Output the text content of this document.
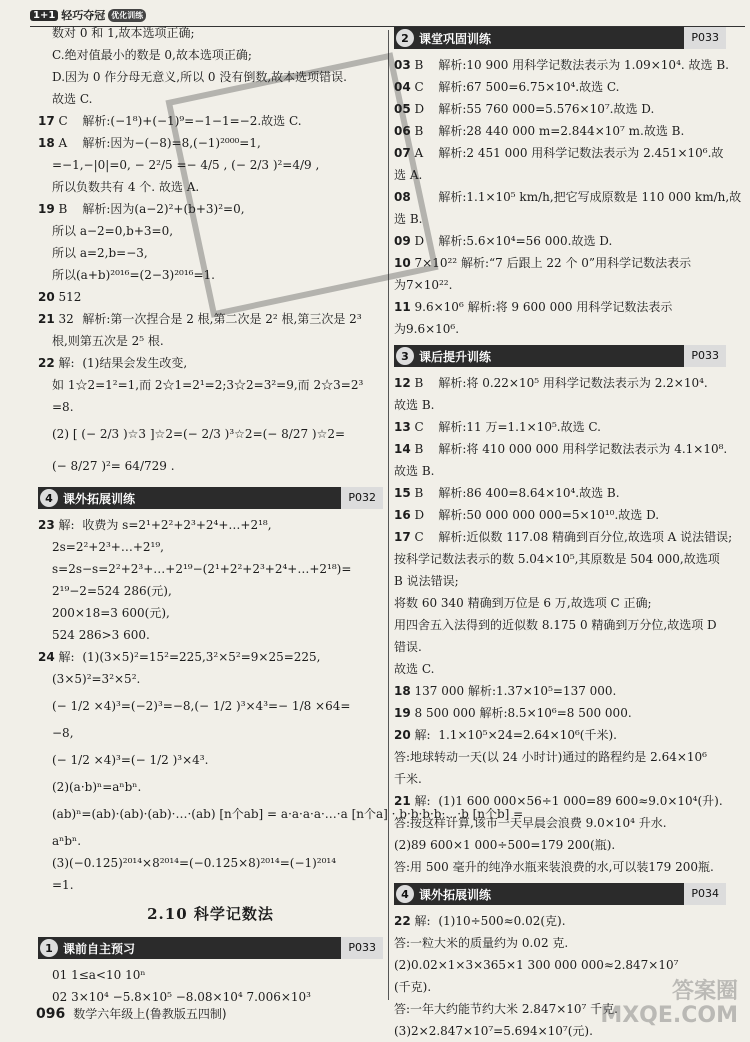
1+1 轻巧夺冠 优化训练
数对 0 和 1,故本选项正确;
C.绝对值最小的数是 0,故本选项正确;
D.因为 0 作分母无意义,所以 0 没有倒数,故本选项错误.
故选 C.
17 C 解析:(−1⁸)+(−1)⁹=−1−1=−2.故选 C.
18 A 解析:因为−(−8)=8,(−1)²⁰⁰⁰=1,
=−1,−|0|=0, − 2²/5 =− 4/5 , (− 2/3 )²=4/9 ,
所以负数共有 4 个. 故选 A.
19 B 解析:因为(a−2)²+(b+3)²=0,
所以 a−2=0,b+3=0,
所以 a=2,b=−3,
所以(a+b)²⁰¹⁶=(2−3)²⁰¹⁶=1.
20 512
21 32 解析:第一次捏合是 2 根,第二次是 2² 根,第三次是 2³
根,则第五次是 2⁵ 根.
22 解: (1)结果会发生改变,
如 1☆2=1²=1,而 2☆1=2¹=2;3☆2=3²=9,而 2☆3=2³
=8.
(2) [ (− 2/3 )☆3 ]☆2=(− 2/3 )³☆2=(− 8/27 )☆2=
(− 8/27 )²= 64/729 .
4 课外拓展训练	P032
23 解: 收费为 s=2¹+2²+2³+2⁴+…+2¹⁸,
2s=2²+2³+…+2¹⁹,
s=2s−s=2²+2³+…+2¹⁹−(2¹+2²+2³+2⁴+…+2¹⁸)=
2¹⁹−2=524 286(元),
200×18=3 600(元),
524 286>3 600.
24 解: (1)(3×5)²=15²=225,3²×5²=9×25=225,
(3×5)²=3²×5².
(− 1/2 ×4)³=(−2)³=−8,(− 1/2 )³×4³=− 1/8 ×64=
−8,
(− 1/2 ×4)³=(− 1/2 )³×4³.
(2)(a·b)ⁿ=aⁿbⁿ.
(ab)ⁿ=(ab)·(ab)·(ab)·…·(ab) [n个ab] = a·a·a·a·…·a [n个a] · b·b·b·b·…·b [n个b] =
aⁿbⁿ.
(3)(−0.125)²⁰¹⁴×8²⁰¹⁴=(−0.125×8)²⁰¹⁴=(−1)²⁰¹⁴
=1.
2.10 科学记数法
1 课前自主预习	P033
01 1≤a<10 10ⁿ
02 3×10⁴ −5.8×10⁵ −8.08×10⁴ 7.006×10³
2 课堂巩固训练	P033
03 B 解析:10 900 用科学记数法表示为 1.09×10⁴. 故选 B.
04 C 解析:67 500=6.75×10⁴.故选 C.
05 D 解析:55 760 000=5.576×10⁷.故选 D.
06 B 解析:28 440 000 m=2.844×10⁷ m.故选 B.
07 A 解析:2 451 000 用科学记数法表示为 2.451×10⁶.故
选 A.
08 解析:1.1×10⁵ km/h,把它写成原数是 110 000 km/h,故
选 B.
09 D 解析:5.6×10⁴=56 000.故选 D.
10 7×10²² 解析:“7 后跟上 22 个 0”用科学记数法表示
为7×10²².
11 9.6×10⁶ 解析:将 9 600 000 用科学记数法表示
为9.6×10⁶.
3 课后提升训练	P033
12 B 解析:将 0.22×10⁵ 用科学记数法表示为 2.2×10⁴.
故选 B.
13 C 解析:11 万=1.1×10⁵.故选 C.
14 B 解析:将 410 000 000 用科学记数法表示为 4.1×10⁸.
故选 B.
15 B 解析:86 400=8.64×10⁴.故选 B.
16 D 解析:50 000 000 000=5×10¹⁰.故选 D.
17 C 解析:近似数 117.08 精确到百分位,故选项 A 说法错误;
按科学记数法表示的数 5.04×10⁵,其原数是 504 000,故选项
B 说法错误;
将数 60 340 精确到万位是 6 万,故选项 C 正确;
用四舍五入法得到的近似数 8.175 0 精确到万分位,故选项 D
错误.
故选 C.
18 137 000 解析:1.37×10⁵=137 000.
19 8 500 000 解析:8.5×10⁶=8 500 000.
20 解: 1.1×10⁵×24=2.64×10⁶(千米).
答:地球转动一天(以 24 小时计)通过的路程约是 2.64×10⁶
千米.
21 解: (1)1 600 000×56÷1 000=89 600≈9.0×10⁴(升).
答:按这样计算,该市一天早晨会浪费 9.0×10⁴ 升水.
(2)89 600×1 000÷500=179 200(瓶).
答:用 500 毫升的纯净水瓶来装浪费的水,可以装179 200瓶.
4 课外拓展训练	P034
22 解: (1)10÷500≈0.02(克).
答:一粒大米的质量约为 0.02 克.
(2)0.02×1×3×365×1 300 000 000≈2.847×10⁷
(千克).
答:一年大约能节约大米 2.847×10⁷ 千克.
(3)2×2.847×10⁷=5.694×10⁷(元).
096 数学六年级上(鲁教版五四制)
答案圈
MXQE.COM
